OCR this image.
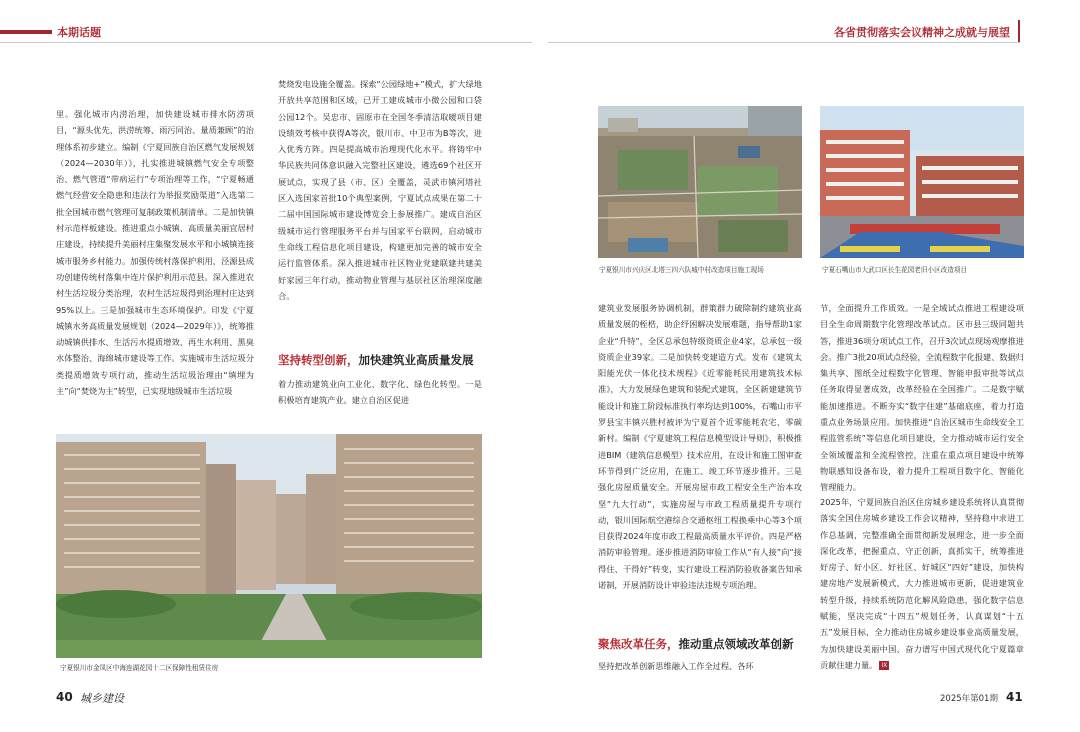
本期话题	各省贯彻落实会议精神之成就与展望

里。强化城市内涝治理，加快建设城市排水防涝项目，“源头优先、洪涝统筹、雨污同治、量质兼顾”的治理体系初步建立。编制《宁夏回族自治区燃气发展规划（2024—2030年）》，扎实推进城镇燃气安全专项整治、燃气管道“带病运行”专项治理等工作，“宁夏畅通燃气经营安全隐患和违法行为举报奖励渠道”入选第二批全国城市燃气管理可复制政策机制清单。二是加快镇村示范样板建设。推进重点小城镇、高质量美丽宜居村庄建设，持续提升美丽村庄集聚发展水平和小城镇连接城市服务乡村能力。加强传统村落保护利用，泾源县成功创建传统村落集中连片保护利用示范县。深入推进农村生活垃圾分类治理，农村生活垃圾得到治理村庄达到95%以上。三是加强城市生态环境保护。印发《宁夏城镇水务高质量发展规划（2024—2029年）》，统筹推动城镇供排水、生活污水提质增效、再生水利用、黑臭水体整治、海绵城市建设等工作。实施城市生活垃圾分类提质增效专项行动，推动生活垃圾治理由“填埋为主”向“焚烧为主”转型，已实现地级城市生活垃圾

焚烧发电设施全覆盖。探索“公园绿地+”模式，扩大绿地开放共享范围和区域，已开工建成城市小微公园和口袋公园12个。吴忠市、固原市在全国冬季清洁取暖项目建设绩效考核中获得A等次，银川市、中卫市为B等次，进入优秀方阵。四是提高城市治理现代化水平。将铸牢中华民族共同体意识融入完整社区建设，遴选69个社区开展试点，实现了县（市、区）全覆盖，灵武市镇河塔社区入选国家首批10个典型案例，宁夏试点成果在第二十二届中国国际城市建设博览会上参展推广。建成自治区级城市运行管理服务平台并与国家平台联网，启动城市生命线工程信息化项目建设，构建更加完善的城市安全运行监管体系。深入推进城市社区物业党建联建共建美好家园三年行动，推动物业管理与基层社区治理深度融合。

坚持转型创新，加快建筑业高质量发展

着力推动建筑业向工业化、数字化、绿色化转型。一是积极培育建筑产业。建立自治区促进

宁夏银川市金凤区中海连湖花园十二区保障性租赁住房
宁夏银川市兴庆区北塔三四六队城中村改造项目施工现场	宁夏石嘴山市大武口区长生花园老旧小区改造项目

建筑业发展服务协调机制，群策群力破除制约建筑业高质量发展的桎梏，助企纾困解决发展难题，指导帮助1家企业“升特”，全区总承包特级资质企业4家，总承包一级资质企业39家。二是加快转变建造方式。发布《建筑太阳能光伏一体化技术规程》《近零能耗民用建筑技术标准》，大力发展绿色建筑和装配式建筑，全区新建建筑节能设计和施工阶段标准执行率均达到100%，石嘴山市平罗县宝丰镇兴胜村被评为宁夏首个近零能耗农宅、零碳新村。编制《宁夏建筑工程信息模型设计导则》，积极推进BIM（建筑信息模型）技术应用，在设计和施工图审查环节得到广泛应用，在施工、竣工环节逐步推开。三是强化房屋质量安全。开展房屋市政工程安全生产治本攻坚“九大行动”，实施房屋与市政工程质量提升专项行动，银川国际航空港综合交通枢纽工程换乘中心等3个项目获得2024年度市政工程最高质量水平评价。四是严格消防审验管理。逐步推进消防审验工作从“有人接”向“接得住、干得好”转变，实行建设工程消防验收备案告知承诺制，开展消防设计审验违法违规专项治理。

聚焦改革任务，推动重点领域改革创新

坚持把改革创新思维融入工作全过程、各环

节，全面提升工作质效。一是全域试点推进工程建设项目全生命周期数字化管理改革试点。区市县三级同题共答，推进36项分项试点工作，召开3次试点现场观摩推进会。推广3批20项试点经验，全流程数字化报建、数据归集共享、图纸全过程数字化管理、智能申报审批等试点任务取得显著成效，改革经验在全国推广。二是数字赋能加速推进。不断夯实“数字住建”基础底座，着力打造重点业务场景应用。加快推进“自治区城市生命线安全工程监管系统”等信息化项目建设，全力推动城市运行安全全领域覆盖和全流程管控，注重在重点项目建设中统筹物联感知设备布设，着力提升工程项目数字化、智能化管理能力。

2025年，宁夏回族自治区住房城乡建设系统将认真贯彻落实全国住房城乡建设工作会议精神，坚持稳中求进工作总基调，完整准确全面贯彻新发展理念，进一步全面深化改革，把握重点、守正创新，真抓实干，统筹推进好房子、好小区、好社区、好城区“四好”建设，加快构建房地产发展新模式，大力推进城市更新，促进建筑业转型升级，持续系统防范化解风险隐患，强化数字信息赋能，坚决完成“十四五”规划任务，认真谋划“十五五”发展目标，全力推动住房城乡建设事业高质量发展，为加快建设美丽中国、奋力谱写中国式现代化宁夏篇章贡献住建力量。 IX

40 城乡建设	2025年第01期 41
